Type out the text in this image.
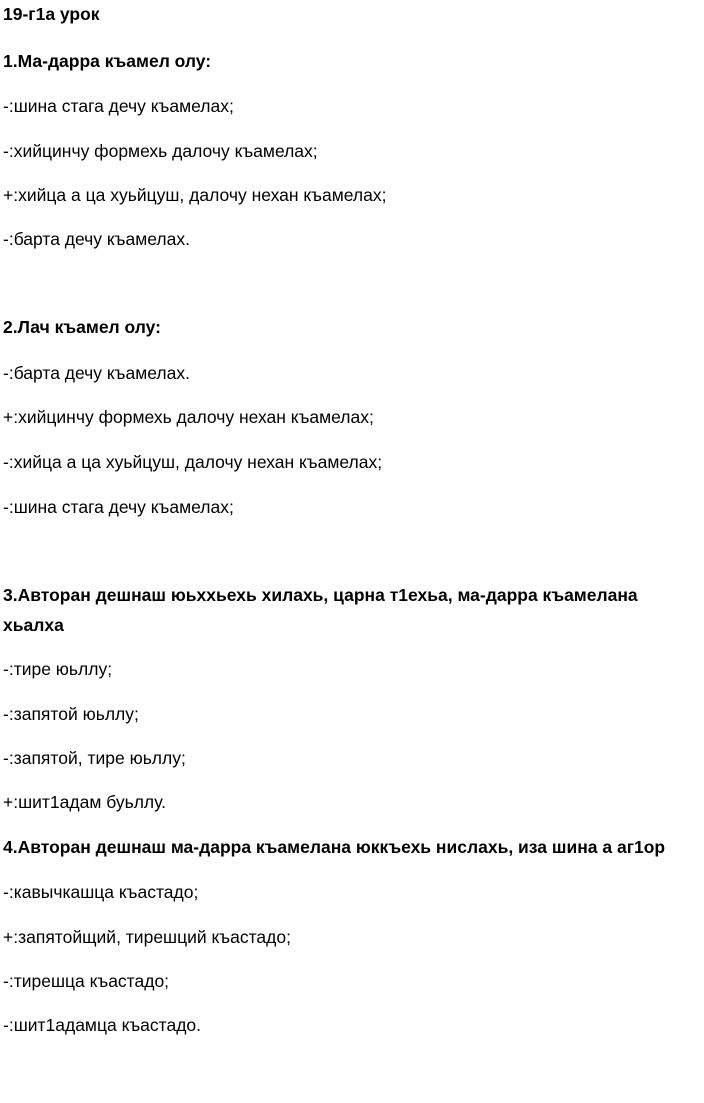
19-г1а урок
1.Ма-дарра къамел олу:
-:шина стага дечу къамелах;
-:хийцинчу формехь далочу къамелах;
+:хийца а ца хуьйцуш, далочу нехан къамелах;
-:барта дечу къамелах.
2.Лач къамел олу:
-:барта дечу къамелах.
+:хийцинчу формехь далочу нехан къамелах;
-:хийца а ца хуьйцуш, далочу нехан къамелах;
-:шина стага дечу къамелах;
3.Авторан дешнаш юьххьехь хилахь, царна т1ехьа, ма-дарра къамелана
хьалха
-:тире юьллу;
-:запятой юьллу;
-:запятой, тире юьллу;
+:шит1адам буьллу.
4.Авторан дешнаш ма-дарра къамелана юккъехь нислахь, иза шина а аг1ор
-:кавычкашца къастадо;
+:запятойщий, тирешций къастадо;
-:тирешца къастадо;
-:шит1адамца къастадо.
